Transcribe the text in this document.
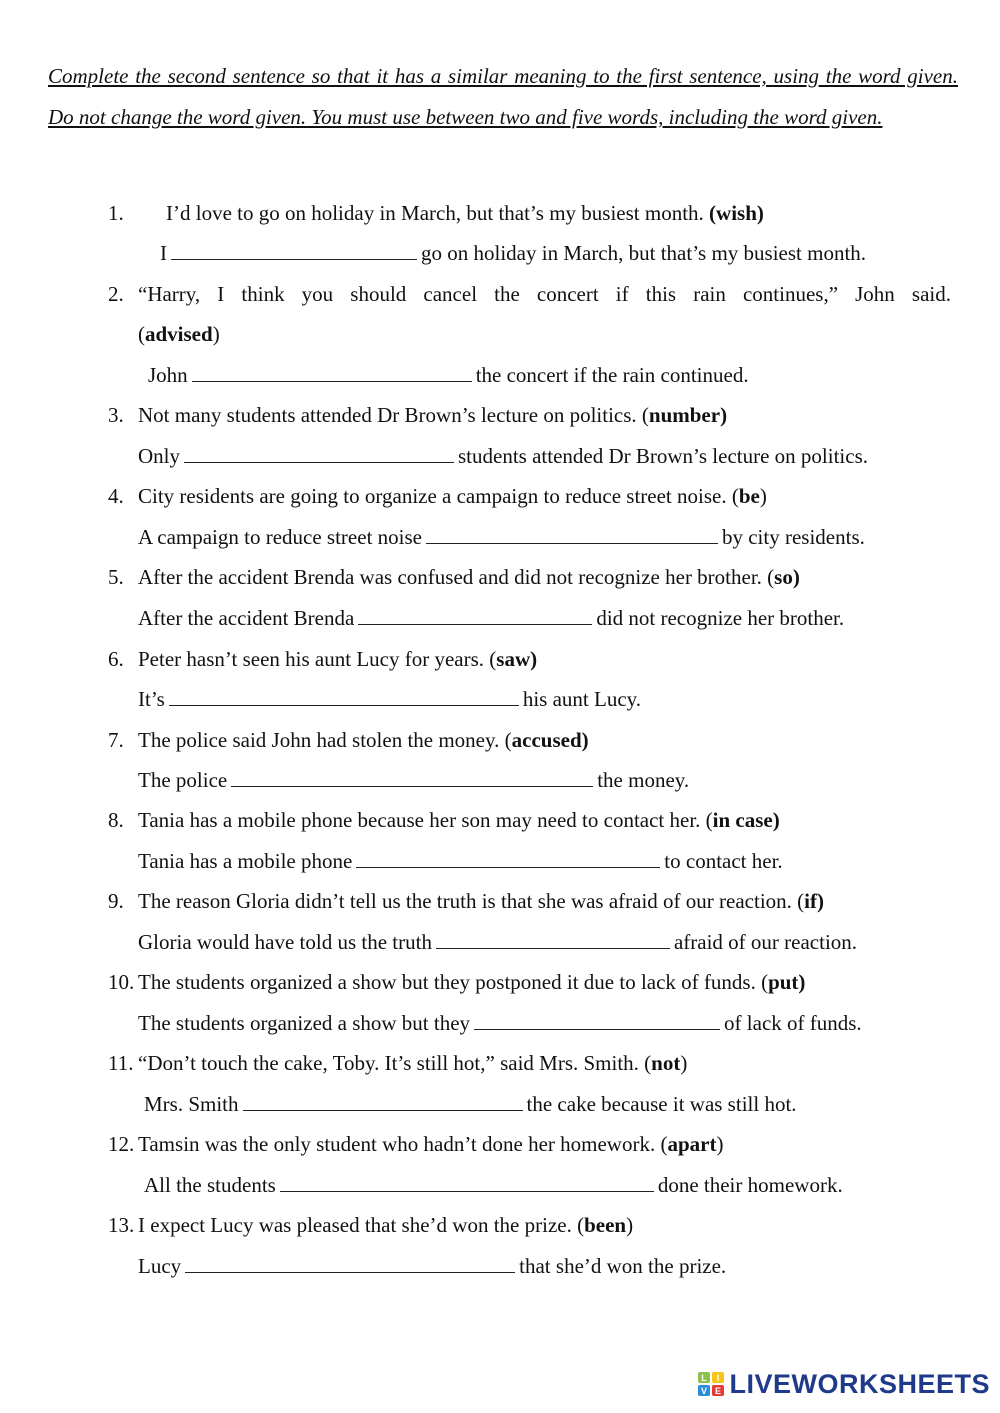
Complete the second sentence so that it has a similar meaning to the first sentence, using the word given. Do not change the word given. You must use between two and five words, including the word given.
1. I’d love to go on holiday in March, but that’s my busiest month. (wish)
I	go on holiday in March, but that’s my busiest month.
2. “Harry, I think you should cancel the concert if this rain continues,” John said.
(advised)
John	the concert if the rain continued.
3. Not many students attended Dr Brown’s lecture on politics. (number)
Only	students attended Dr Brown’s lecture on politics.
4. City residents are going to organize a campaign to reduce street noise. (be)
A campaign to reduce street noise	by city residents.
5. After the accident Brenda was confused and did not recognize her brother. (so)
After the accident Brenda	did not recognize her brother.
6. Peter hasn’t seen his aunt Lucy for years. (saw)
It’s	his aunt Lucy.
7. The police said John had stolen the money. (accused)
The police	the money.
8. Tania has a mobile phone because her son may need to contact her. (in case)
Tania has a mobile phone	to contact her.
9. The reason Gloria didn’t tell us the truth is that she was afraid of our reaction. (if)
Gloria would have told us the truth	afraid of our reaction.
10. The students organized a show but they postponed it due to lack of funds. (put)
The students organized a show but they	of lack of funds.
11. “Don’t touch the cake, Toby. It’s still hot,” said Mrs. Smith. (not)
Mrs. Smith	the cake because it was still hot.
12. Tamsin was the only student who hadn’t done her homework. (apart)
All the students	done their homework.
13. I expect Lucy was pleased that she’d won the prize. (been)
Lucy	that she’d won the prize.
L I
V E LIVEWORKSHEETS
